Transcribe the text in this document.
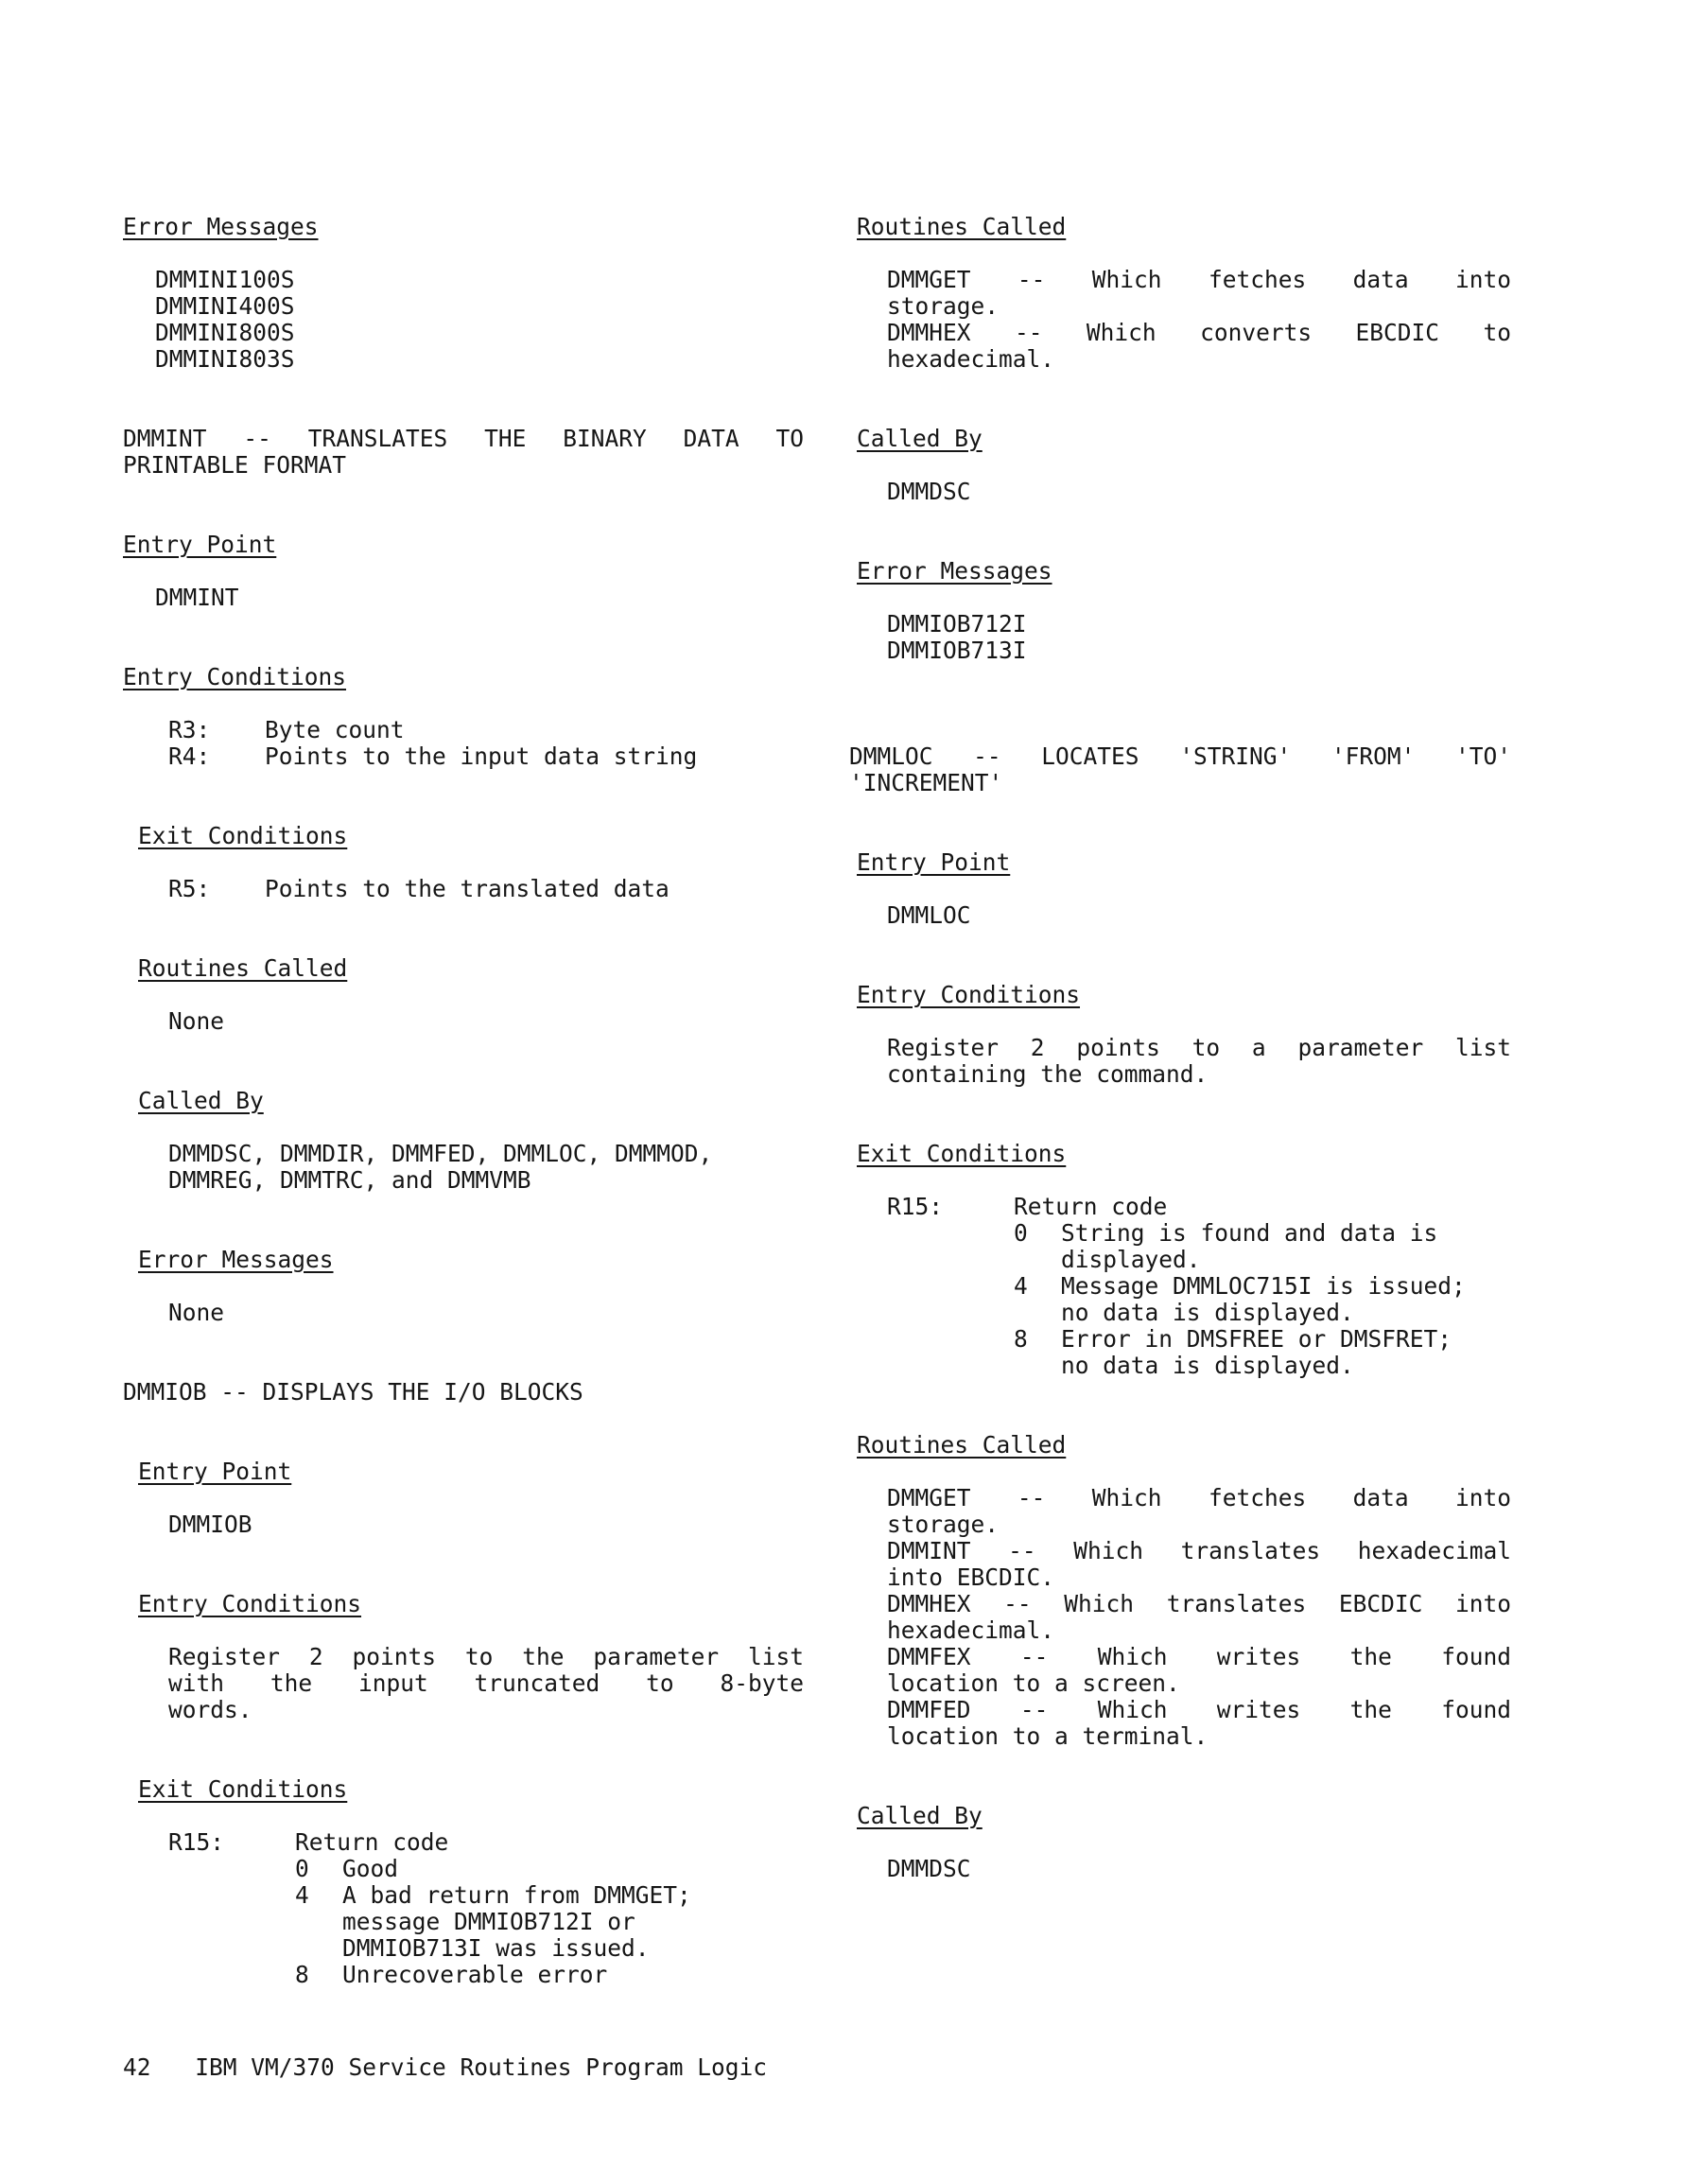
Error Messages
DMMINI100S
DMMINI400S
DMMINI800S
DMMINI803S
DMMINT -- TRANSLATES THE BINARY DATA TO
PRINTABLE FORMAT
Entry Point
DMMINT
Entry Conditions
R3:	Byte count
R4:	Points to the input data string
Exit Conditions
R5:	Points to the translated data
Routines Called
None
Called By
DMMDSC, DMMDIR, DMMFED, DMMLOC, DMMMOD,
DMMREG, DMMTRC, and DMMVMB
Error Messages
None
DMMIOB -- DISPLAYS THE I/O BLOCKS
Entry Point
DMMIOB
Entry Conditions
Register 2 points to the parameter list
with the input truncated to 8-byte
words.
Exit Conditions
R15:	Return code
0	Good
4	A bad return from DMMGET;
message DMMIOB712I or
DMMIOB713I was issued.
8	Unrecoverable error
Routines Called
DMMGET -- Which fetches data into
storage.
DMMHEX -- Which converts EBCDIC to
hexadecimal.
Called By
DMMDSC
Error Messages
DMMIOB712I
DMMIOB713I
DMMLOC -- LOCATES 'STRING' 'FROM' 'TO'
'INCREMENT'
Entry Point
DMMLOC
Entry Conditions
Register 2 points to a parameter list
containing the command.
Exit Conditions
R15:	Return code
0	String is found and data is
displayed.
4	Message DMMLOC715I is issued;
no data is displayed.
8	Error in DMSFREE or DMSFRET;
no data is displayed.
Routines Called
DMMGET -- Which fetches data into
storage.
DMMINT -- Which translates hexadecimal
into EBCDIC.
DMMHEX -- Which translates EBCDIC into
hexadecimal.
DMMFEX -- Which writes the found
location to a screen.
DMMFED -- Which writes the found
location to a terminal.
Called By
DMMDSC
42 IBM VM/370 Service Routines Program Logic
